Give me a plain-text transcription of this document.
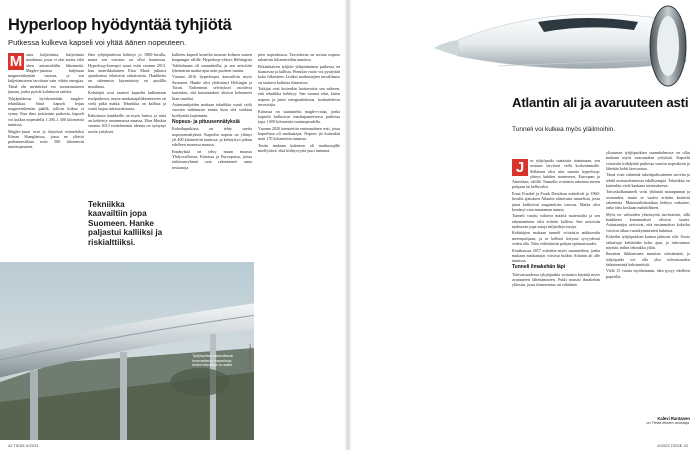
Hyperloop hyödyntää tyhjiötä
Putkessa kulkeva kapseli voi yltää äänen nopeuteen.
M onia kuljettimia, kuljettimia maalimaa, jossa vi olut asetta, eikä ohen automobiilin liikennettä. Maglev-junassa kuljetaan magneettikentän varassa, ja sen kuljettamiseen tarvitaan vain vähän energiaa. Tämä ohi merkittävä ero tavanomaiseen junaan, jonka pyörät kuluttavat raiteita.

Tyhjäputkessa hyödynnetään maglev-tekniikkaa. Siinä kapseli leijuu magneettikentän päällä, jolloin kitkaa ei synny. Kun ilma poistetaan putkesta, kapseli voi kulkea nopeudella 1 200–1 300 kilometriä tunnissa.

Maglev-junat ovat jo käytössä esimerkiksi Kiinan Shanghaissa, jossa ne yltävät parhaimmillaan noin 500 kilometrin tuntinopeuteen.

Idea tyhjiöputkesta kehittyi jo 1800-luvulla, mutta sen toteutus on ollut haastavaa. Hyperloop-konsepti nousi esiin vuonna 2013, kun amerikkalainen Elon Musk julkaisi ajatuksensa teknisistä ratkaisuista. Hankkeita on sittemmin käynnistetty eri puolilla maailmaa.

Kehittäjät ovat saaneet kapselin kulkemaan testiputkessa, mutta matkustajaliikenteeseen on vielä pitkä matka. Tekniikka on kallista ja vaatii laajaa infrastruktuuria.

Rahoitusta hankkeille on myös haettu, ja niitä on kehitetty useammassa maassa. Elon Muskin vuonna 2013 esittelemästä ideasta on syntynyt useita yrityksiä.

Tekniikka kaavailtiin jopa Suomeen. Hanke paljastui kalliiksi ja riskialttiiksi.

kulkettu kapseli koneilta suomen kolmen suuren kaupungin välille. Hyperloop-yhteys Helsingistä Tukholmaan oli suunnitteilla, ja sen arvioitiin lyhentävän matka-ajan noin puoleen tuntiin.

Vuonna 2016 hyperloopia kaavailtiin myös Suomeen. Hanke olisi yhdistänyt Helsingin ja Turun. Tarkemmat selvitykset osoittivat kuitenkin, että kustannukset olisivat kohonneet liian suuriksi.

Asiantuntijoiden mukaan tekniikka vaatii vielä vuosien tutkimusta ennen kuin sitä voidaan hyödyntää laajemmin.

Nopeus- ja pituusennätyksiä

Kokeiluputkissa on tehty useita nopeusennätyksiä. Kapselin nopeus on yltänyt yli 400 kilometriin tunnissa, ja kehitystyö jatkuu edelleen monessa maassa.

Ennätyksiä on tehty muun muassa Yhdysvalloissa, Kiinassa ja Euroopassa, joissa tutkimusryhmät ovat rakentaneet omia testiratoja.

pien nopeuksissa. Tavoitteena on nostaa nopeus tuhansiin kilometreihin tunnissa.

Pitkäaikaisen tyhjiön ylläpitäminen putkessa on haastavaa ja kallista. Pienikin vuoto voi pysäyttää koko liikenteen. Lisäksi matkustajien turvallisuus on taattava kaikissa tilanteissa.

Tutkijat ovat kuitenkin luottavaisia sen suhteen, että tekniikka kehittyy. Sen tuomat edut, kuten nopeus ja pieni energiankulutus, houkuttelevat investoijia.

Kiinassa on suunniteltu maglev-rataa, jonka kapselit kulkisivat matalapaineisessa putkessa jopa 1 000 kilometrin tuntinopeudella.

Vuonna 2020 toteutettiin ensimmäinen testi, jossa kapselissa oli matkustajia. Nopeus jäi kuitenkin noin 170 kilometriin tunnissa.

Testin mukaan kokemus oli matkustajille miellyttävä, eikä kiihtyvyyttä juuri tuntunut.

Tyhjiöputket saavuttavat huomattavia nopeuksia, mutta tekniikka on kallis.	Kuva: Getty Images
42 TIEDE 6/2023
Atlantin ali ja avaruuteen asti
Tunneli voi kulkea myös yläilmoihin.
J	os tyhjiöputki saataisiin toimimaan, sen avaruus tarvitsisi vielä korkeammalle. Sellainen olisi niin sanottu hyperloop-yhteys kahden mantereen, Euroopan ja Amerikan, välillä. Tunnelin voitaisiin rakentaa meren pohjaan tai kelluvaksi.

Ernst Frankel ja Frank Davidson esittelivät jo 1960-luvulla ajatuksen Atlantin alittavasta tunnelista, jossa junat kulkisivat magneettien varassa. Matka olisi kestänyt vain muutaman tunnin.

Tunneli vaatisi valtavia määriä materiaalia ja sen rakentaminen olisi erittäin kallista. Sen arvioitiin maksavan jopa satoja miljardeja euroja.

Kehittäjien mukaan tunneli voitaisiin ankkuroida merenpohjaan, ja se kelluisi tietyssä syvyydessä veden alla. Näin vältettäisiin pohjan epätasaisuudet.

Kesäkuussa 2017 esitettiin myös suunnitelma, jonka mukaan matkustajat voisivat kulkea Atlantin ali alle tunnissa.

Tunneli ilmakehän läpi

Tulevaisuudessa tyhjiöputkia voitaisiin käyttää myös avaruuteen lähettämiseen. Putki nousisi ilmakehän yläosiin, jossa ilmanvastus on vähäinen.

ylisuurten tyhjiöputkien suunnitelmissa on ollut mukana myös avaruusalan yrityksiä. Kapselit voitaisiin kiihdyttää putkessa suuriin nopeuksiin ja lähettää kohti kiertorataa.

Tämä voisi vähentää rakettipolttoaineen tarvetta ja tehdä avaruuslennoista edullisempia. Tekniikka on kuitenkin vielä kaukana toteutuksesta.

Taivaskulkutunneli voisi yhdistää maanpinnan ja avaruuden, mutta se vaatisi erittäin kestäviä rakenteita. Materiaalitekniikan kehitys ratkaisee, onko idea koskaan mahdollinen.

Myös eri valtioiden yhteistyötä tarvittaisiin, sillä hankkeen kustannukset olisivat suuret. Asiantuntijat arvioivat, että ensimmäiset kokeilut voisivat alkaa vuosikymmenten kuluttua.

Kokeilut tyhjiöputkien kanssa jatkuvat silti. Uusia ratkaisuja kehitetään koko ajan, ja tulevaisuus näyttää, mihin tekniikka yltää.

Ihmisten liikkuminen muuttuu väistämättä, ja tyhjiöputki voi olla yksi tulevaisuuden tärkeimmistä keksinnöistä.

Vielä 15 vuotta myöhemmin, idea pysyy edelleen paperilla.

Kalevi Rantanen
on Tiede-lehden avustaja.
6/2023 TIEDE 43
